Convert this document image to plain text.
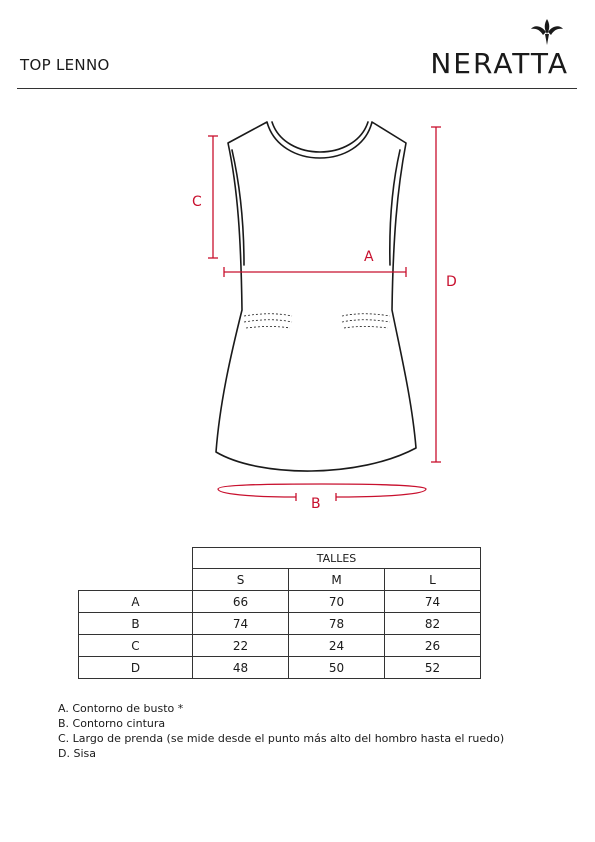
TOP LENNO	NERATTA
C
A
D
B
	TALLES		
	S	M	L
A	66	70	74
B	74	78	82
C	22	24	26
D	48	50	52
A. Contorno de busto *
B. Contorno cintura
C. Largo de prenda (se mide desde el punto más alto del hombro hasta el ruedo)
D. Sisa
